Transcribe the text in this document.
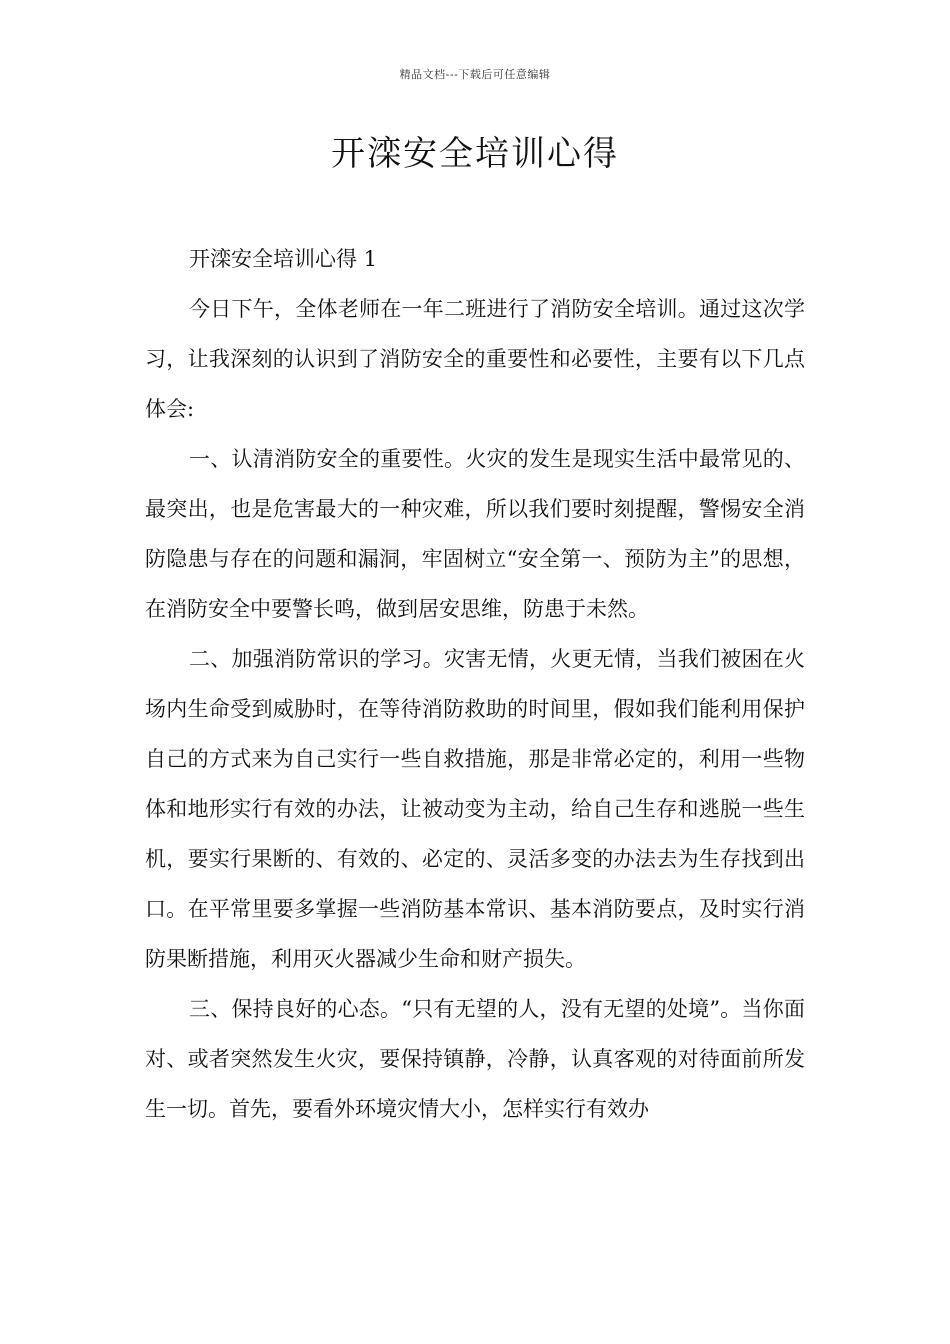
精品文档---下载后可任意编辑
开滦安全培训心得

开滦安全培训心得 1

今日下午，全体老师在一年二班进行了消防安全培训。通过这次学习，让我深刻的认识到了消防安全的重要性和必要性，主要有以下几点体会:

一、认清消防安全的重要性。火灾的发生是现实生活中最常见的、最突出，也是危害最大的一种灾难，所以我们要时刻提醒，警惕安全消防隐患与存在的问题和漏洞，牢固树立“安全第一、预防为主”的思想，在消防安全中要警长鸣，做到居安思维，防患于未然。

二、加强消防常识的学习。灾害无情，火更无情，当我们被困在火场内生命受到威胁时，在等待消防救助的时间里，假如我们能利用保护自己的方式来为自己实行一些自救措施，那是非常必定的，利用一些物体和地形实行有效的办法，让被动变为主动，给自己生存和逃脱一些生机，要实行果断的、有效的、必定的、灵活多变的办法去为生存找到出口。在平常里要多掌握一些消防基本常识、基本消防要点，及时实行消防果断措施，利用灭火器减少生命和财产损失。

三、保持良好的心态。“只有无望的人，没有无望的处境”。当你面对、或者突然发生火灾，要保持镇静，冷静，认真客观的对待面前所发生一切。首先，要看外环境灾情大小，怎样实行有效办
